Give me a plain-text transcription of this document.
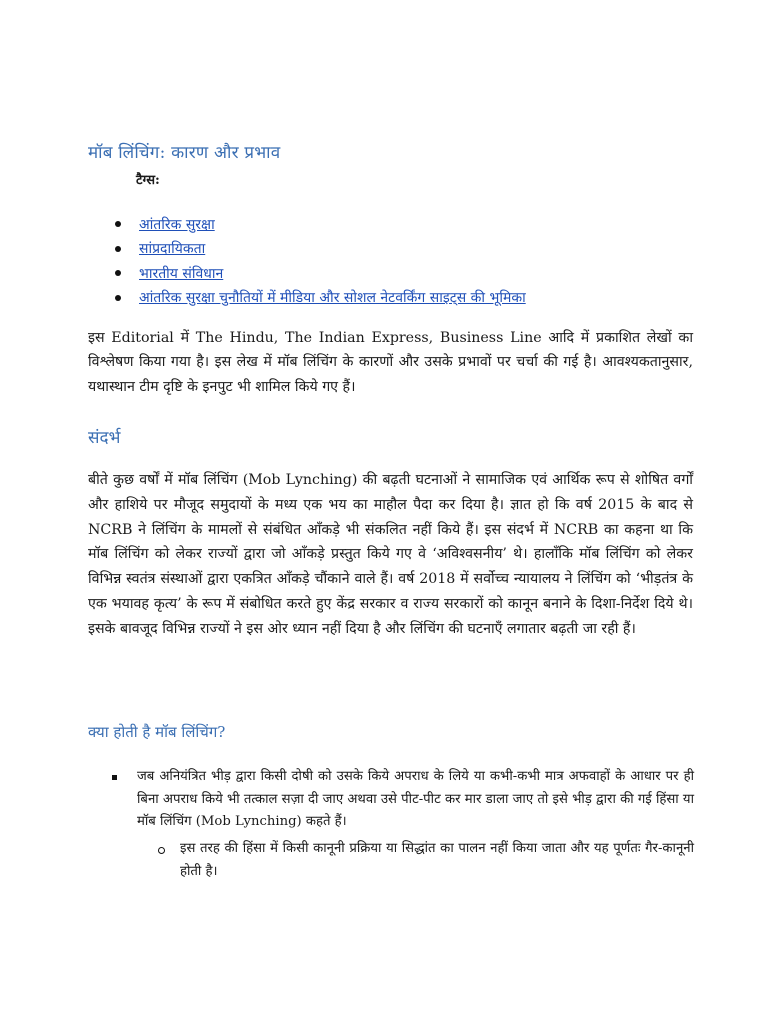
मॉब लिंचिंग: कारण और प्रभाव
टैग्स:
आंतरिक सुरक्षा
सांप्रदायिकता
भारतीय संविधान
आंतरिक सुरक्षा चुनौतियों में मीडिया और सोशल नेटवर्किंग साइट्स की भूमिका

इस Editorial में The Hindu, The Indian Express, Business Line आदि में प्रकाशित लेखों का विश्लेषण किया गया है। इस लेख में मॉब लिंचिंग के कारणों और उसके प्रभावों पर चर्चा की गई है। आवश्यकतानुसार, यथास्थान टीम दृष्टि के इनपुट भी शामिल किये गए हैं।

संदर्भ

बीते कुछ वर्षों में मॉब लिंचिंग (Mob Lynching) की बढ़ती घटनाओं ने सामाजिक एवं आर्थिक रूप से शोषित वर्गों और हाशिये पर मौजूद समुदायों के मध्य एक भय का माहौल पैदा कर दिया है। ज्ञात हो कि वर्ष 2015 के बाद से NCRB ने लिंचिंग के मामलों से संबंधित आँकड़े भी संकलित नहीं किये हैं। इस संदर्भ में NCRB का कहना था कि मॉब लिंचिंग को लेकर राज्यों द्वारा जो आँकड़े प्रस्तुत किये गए वे ‘अविश्वसनीय’ थे। हालाँकि मॉब लिंचिंग को लेकर विभिन्न स्वतंत्र संस्थाओं द्वारा एकत्रित आँकड़े चौंकाने वाले हैं। वर्ष 2018 में सर्वोच्च न्यायालय ने लिंचिंग को ‘भीड़तंत्र के एक भयावह कृत्य’ के रूप में संबोधित करते हुए केंद्र सरकार व राज्य सरकारों को कानून बनाने के दिशा-निर्देश दिये थे। इसके बावजूद विभिन्न राज्यों ने इस ओर ध्यान नहीं दिया है और लिंचिंग की घटनाएँ लगातार बढ़ती जा रही हैं।

क्या होती है मॉब लिंचिंग?

जब अनियंत्रित भीड़ द्वारा किसी दोषी को उसके किये अपराध के लिये या कभी-कभी मात्र अफवाहों के आधार पर ही बिना अपराध किये भी तत्काल सज़ा दी जाए अथवा उसे पीट-पीट कर मार डाला जाए तो इसे भीड़ द्वारा की गई हिंसा या मॉब लिंचिंग (Mob Lynching) कहते हैं।

इस तरह की हिंसा में किसी कानूनी प्रक्रिया या सिद्धांत का पालन नहीं किया जाता और यह पूर्णतः गैर-कानूनी होती है।
